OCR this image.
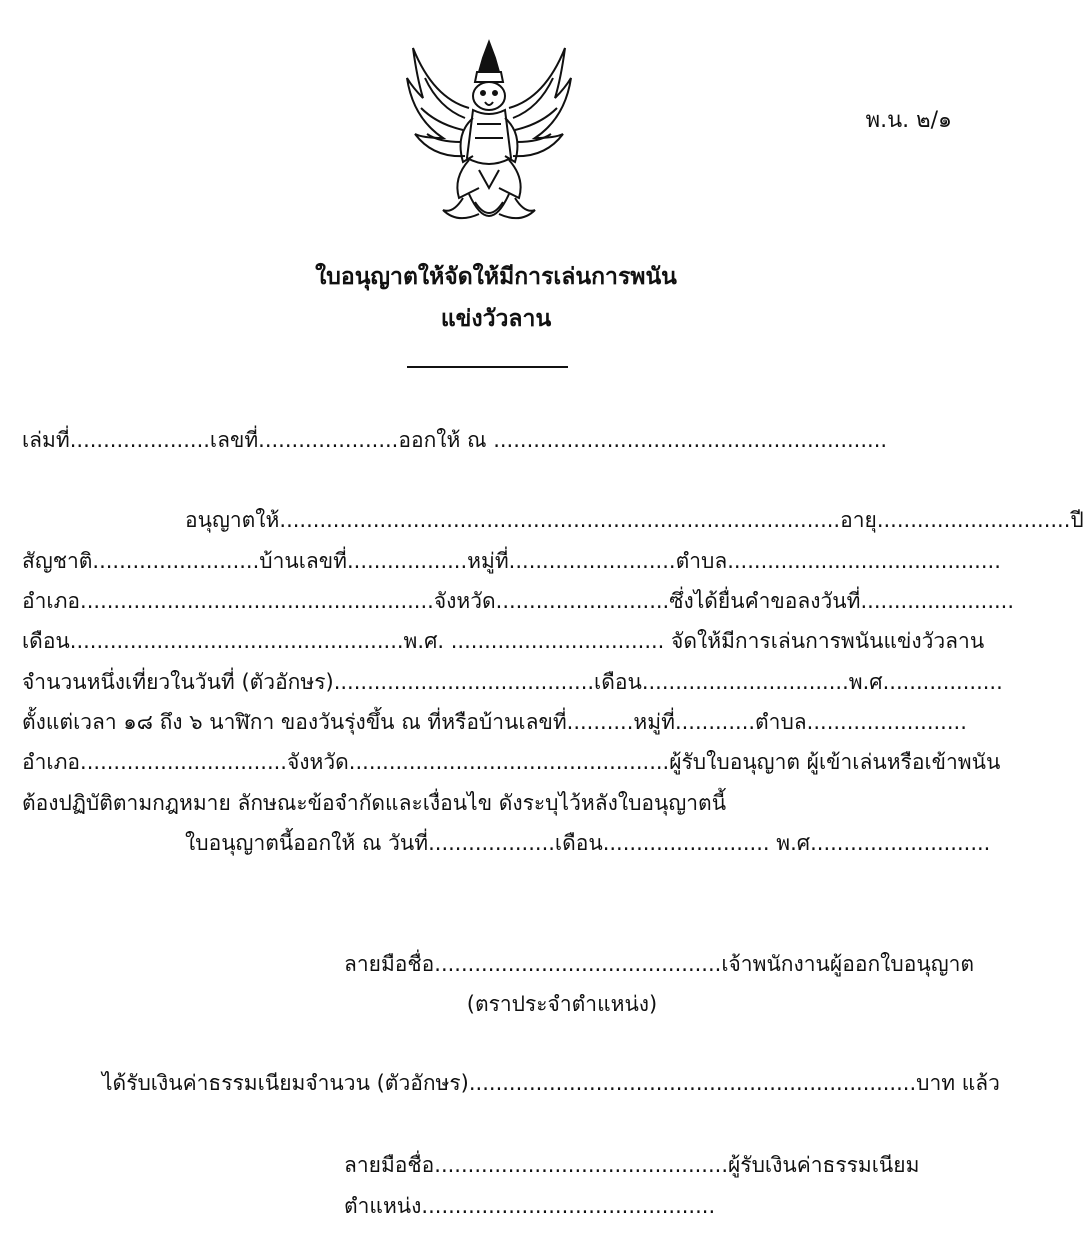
พ.น. ๒/๑
ใบอนุญาตให้จัดให้มีการเล่นการพนัน
แข่งวัวลาน
เล่มที่.....................เลขที่.....................ออกให้ ณ ...........................................................
อนุญาตให้....................................................................................อายุ.............................ปี
สัญชาติ.........................บ้านเลขที่..................หมู่ที่.........................ตำบล.........................................
อำเภอ.....................................................จังหวัด..........................ซึ่งได้ยื่นคำขอลงวันที่.......................
เดือน..................................................พ.ศ. ................................ จัดให้มีการเล่นการพนันแข่งวัวลาน
จำนวนหนึ่งเที่ยวในวันที่ (ตัวอักษร).......................................เดือน...............................พ.ศ..................
ตั้งแต่เวลา ๑๘ ถึง ๖ นาฬิกา ของวันรุ่งขึ้น ณ ที่หรือบ้านเลขที่..........หมู่ที่............ตำบล........................
อำเภอ...............................จังหวัด................................................ผู้รับใบอนุญาต ผู้เข้าเล่นหรือเข้าพนัน
ต้องปฏิบัติตามกฎหมาย ลักษณะข้อจำกัดและเงื่อนไข ดังระบุไว้หลังใบอนุญาตนี้
ใบอนุญาตนี้ออกให้ ณ วันที่...................เดือน......................... พ.ศ...........................
ลายมือชื่อ...........................................เจ้าพนักงานผู้ออกใบอนุญาต
(ตราประจำตำแหน่ง)
ได้รับเงินค่าธรรมเนียมจำนวน (ตัวอักษร)...................................................................บาท แล้ว
ลายมือชื่อ............................................ผู้รับเงินค่าธรรมเนียม
ตำแหน่ง............................................
